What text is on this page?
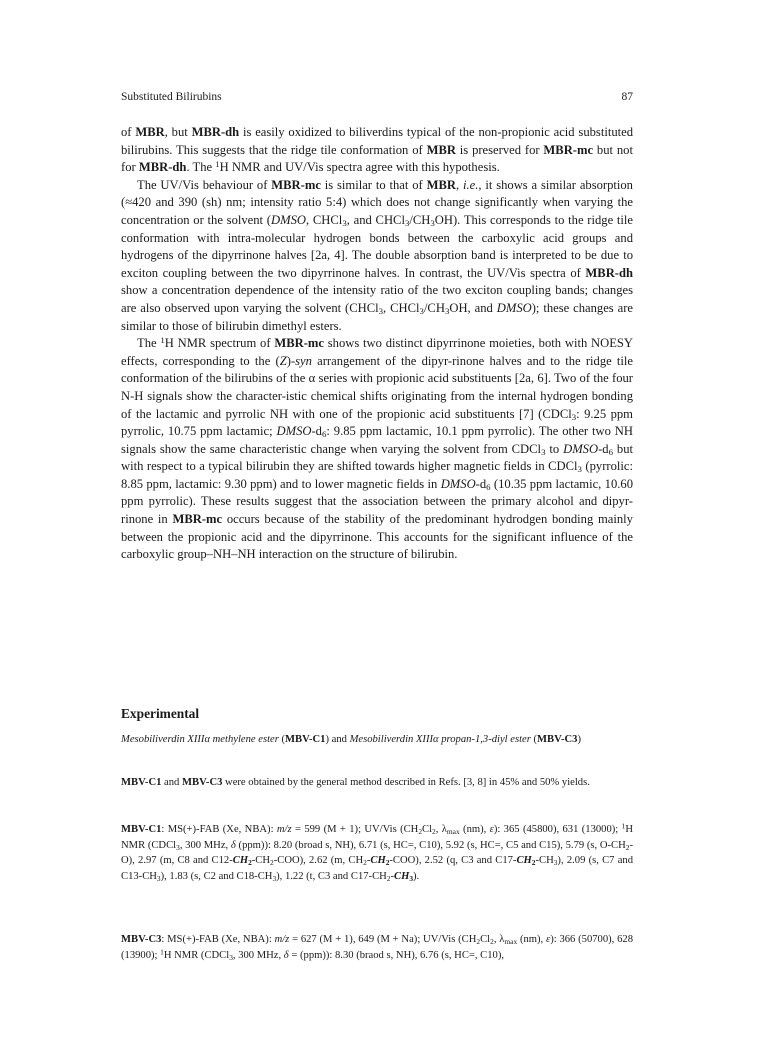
Substituted Bilirubins	87

of MBR, but MBR-dh is easily oxidized to biliverdins typical of the non-propionic acid substituted bilirubins. This suggests that the ridge tile conformation of MBR is preserved for MBR-mc but not for MBR-dh. The $^1$H NMR and UV/Vis spectra agree with this hypothesis.

The UV/Vis behaviour of MBR-mc is similar to that of MBR, i.e., it shows a similar absorption (≈420 and 390 (sh) nm; intensity ratio 5:4) which does not change significantly when varying the concentration or the solvent (DMSO, CHCl$_3$, and $CHCl_3/CH_3OH$). This corresponds to the ridge tile conformation with intra-molecular hydrogen bonds between the carboxylic acid groups and hydrogens of the dipyrrinone halves [2a, 4]. The double absorption band is interpreted to be due to exciton coupling between the two dipyrrinone halves. In contrast, the UV/Vis spectra of MBR-dh show a concentration dependence of the intensity ratio of the two exciton coupling bands; changes are also observed upon varying the solvent (CHCl$_3$, $CHCl_3/CH_3OH$, and DMSO); these changes are similar to those of bilirubin dimethyl esters.

The $^1$H NMR spectrum of MBR-mc shows two distinct dipyrrinone moieties, both with NOESY effects, corresponding to the (Z)-syn arrangement of the dipyr-rinone halves and to the ridge tile conformation of the bilirubins of the α series with propionic acid substituents [2a, 6]. Two of the four N-H signals show the character-istic chemical shifts originating from the internal hydrogen bonding of the lactamic and pyrrolic NH with one of the propionic acid substituents [7] (CDCl$_3$: 9.25 ppm pyrrolic, 10.75 ppm lactamic; DMSO-$d_6$: 9.85 ppm lactamic, 10.1 ppm pyrrolic). The other two NH signals show the same characteristic change when varying the solvent from CDCl$_3$ to DMSO-$d_6$ but with respect to a typical bilirubin they are shifted towards higher magnetic fields in CDCl$_3$ (pyrrolic: 8.85 ppm, lactamic: 9.30 ppm) and to lower magnetic fields in DMSO-$d_6$ (10.35 ppm lactamic, 10.60 ppm pyrrolic). These results suggest that the association between the primary alcohol and dipyr-rinone in MBR-mc occurs because of the stability of the predominant hydrodgen bonding mainly between the propionic acid and the dipyrrinone. This accounts for the significant influence of the carboxylic group–NH–NH interaction on the structure of bilirubin.

Experimental

Mesobiliverdin XIIIα methylene ester (MBV-C1) and Mesobiliverdin XIIIα propan-1,3-diyl ester (MBV-C3)

MBV-C1 and MBV-C3 were obtained by the general method described in Refs. [3, 8] in 45% and 50% yields.

MBV-C1: MS(+)-FAB (Xe, NBA): m/z = 599 (M + 1); UV/Vis ($CH_2Cl_2$, $\lambda_{max}$ (nm), ε): 365 (45800), 631 (13000); $^1$H NMR (CDCl$_3$, 300 MHz, δ (ppm)): 8.20 (broad s, NH), 6.71 (s, HC=, C10), 5.92 (s, HC=, C5 and C15), 5.79 (s, $O-CH_2-O$), 2.97 (m, C8 and $C12-CH_2-CH_2-COO$), 2.62 (m, $CH_2-CH_2-COO$), 2.52 (q, C3 and $C17-CH_2-CH_3$), 2.09 (s, C7 and $C13-CH_3$), 1.83 (s, C2 and $C18-CH_3$), 1.22 (t, C3 and $C17-CH_2-CH_3$).

MBV-C3: MS(+)-FAB (Xe, NBA): m/z = 627 (M + 1), 649 (M + Na); UV/Vis ($CH_2Cl_2$, $\lambda_{max}$ (nm), ε): 366 (50700), 628 (13900); $^1$H NMR (CDCl$_3$, 300 MHz, δ = (ppm)): 8.30 (braod s, NH), 6.76 (s, HC=, C10),
